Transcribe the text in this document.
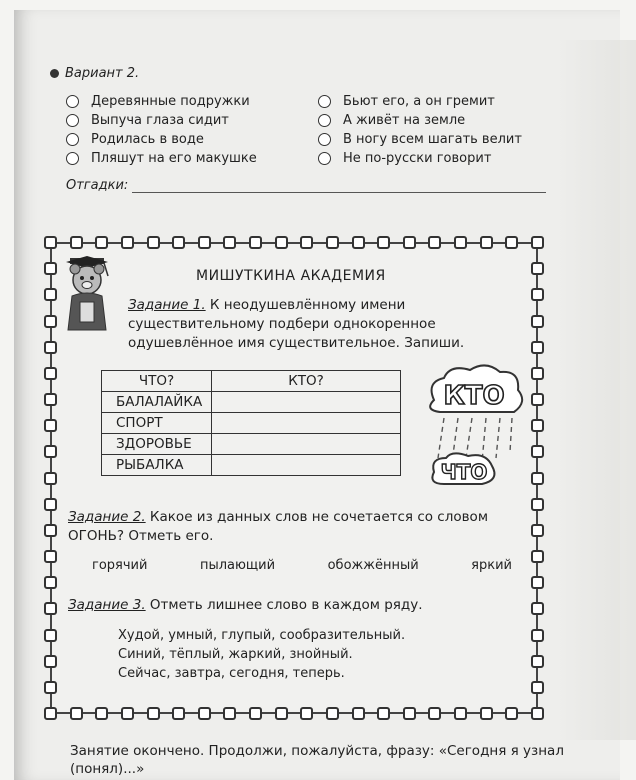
Вариант 2.
Деревянные подружки
Выпуча глаза сидит
Родилась в воде
Пляшут на его макушке
Бьют его, а он гремит
А живёт на земле
В ногу всем шагать велит
Не по-русски говорит
Отгадки:
МИШУТКИНА АКАДЕМИЯ
Задание 1. К неодушевлённому имени существительному подбери однокоренное одушевлённое имя существительное. Запиши.
ЧТО?	КТО?
БАЛАЛАЙКА	
СПОРТ	
ЗДОРОВЬЕ	
РЫБАЛКА	
КТО
ЧТО
Задание 2. Какое из данных слов не сочетается со словом ОГОНЬ? Отметь его.
горячий	пылающий	обожжённый	яркий
Задание 3. Отметь лишнее слово в каждом ряду.
Худой, умный, глупый, сообразительный.
Синий, тёплый, жаркий, знойный.
Сейчас, завтра, сегодня, теперь.
Занятие окончено. Продолжи, пожалуйста, фразу: «Сегодня я узнал (понял)...»
